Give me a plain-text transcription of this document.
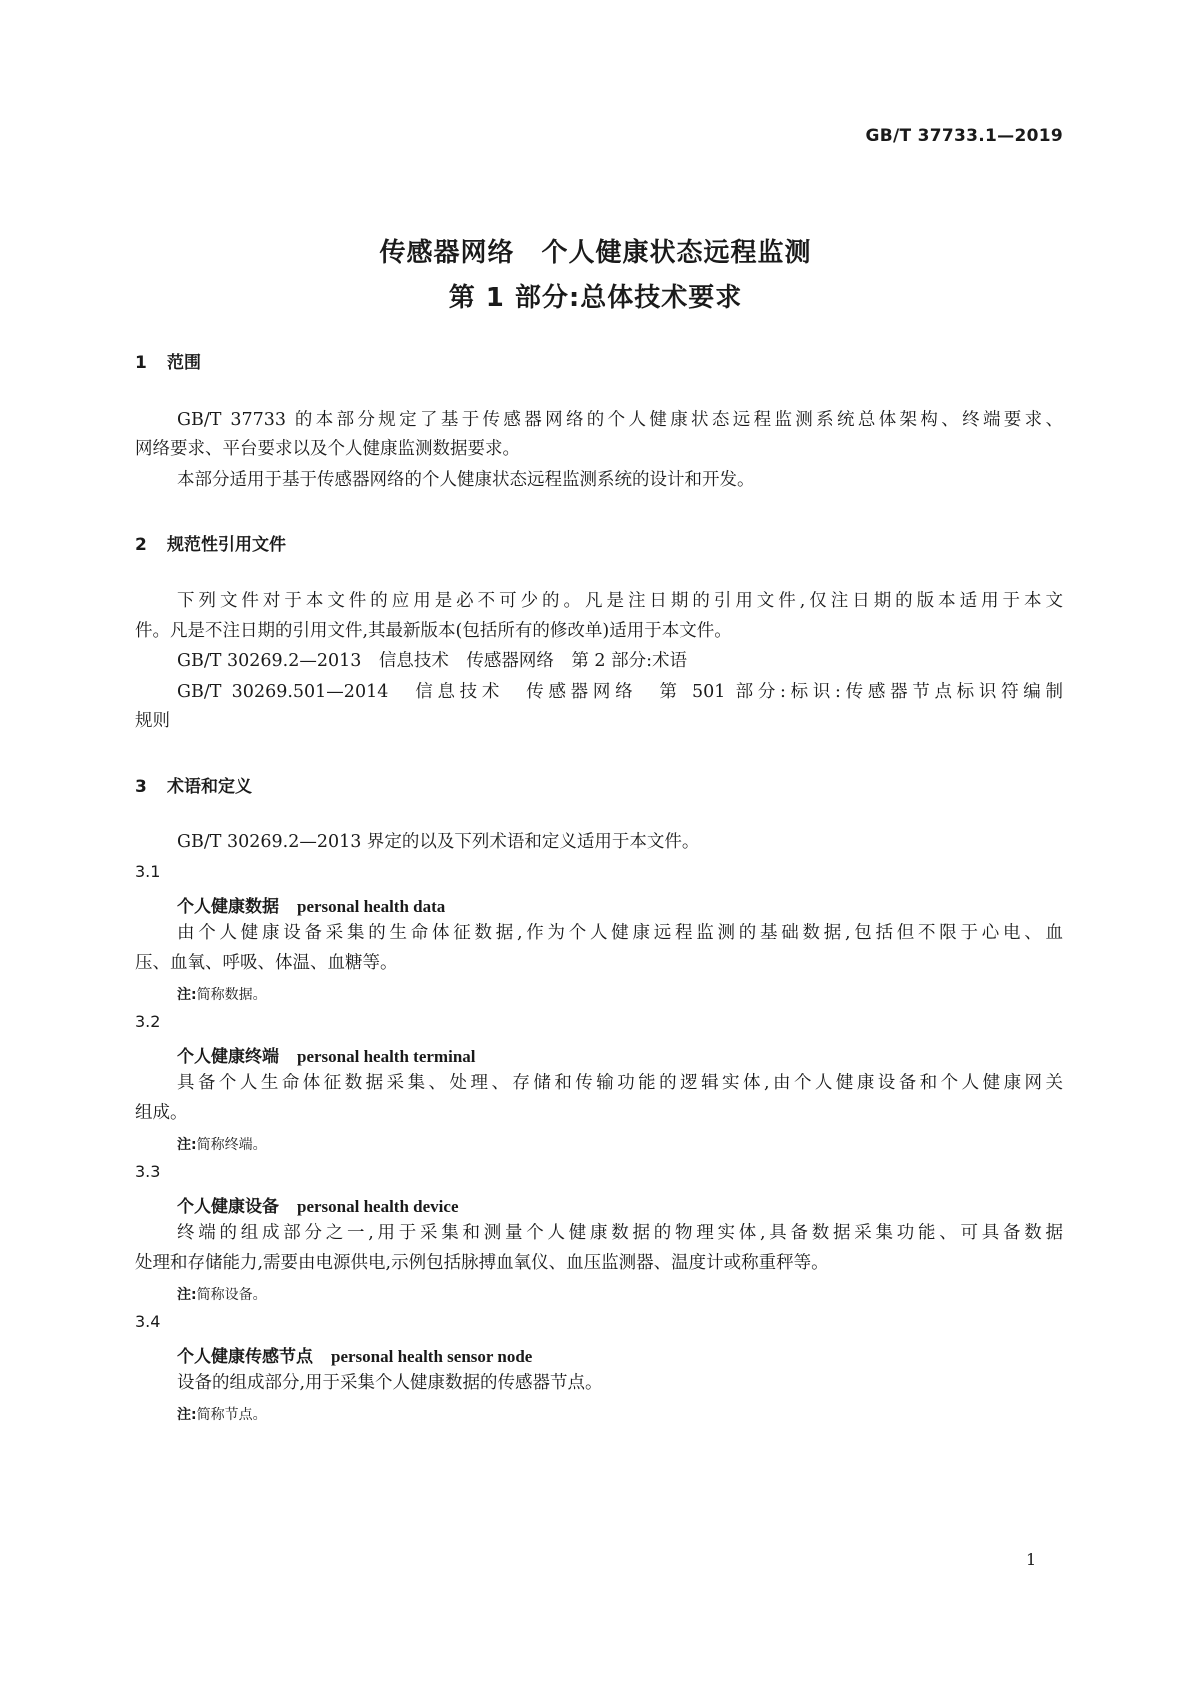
GB/T 37733.1—2019
传感器网络　个人健康状态远程监测
第 1 部分:总体技术要求
1 范围
GB/T 37733 的本部分规定了基于传感器网络的个人健康状态远程监测系统总体架构、终端要求、
网络要求、平台要求以及个人健康监测数据要求。
本部分适用于基于传感器网络的个人健康状态远程监测系统的设计和开发。
2 规范性引用文件
下列文件对于本文件的应用是必不可少的。凡是注日期的引用文件,仅注日期的版本适用于本文
件。凡是不注日期的引用文件,其最新版本(包括所有的修改单)适用于本文件。
GB/T 30269.2—2013　信息技术　传感器网络　第 2 部分:术语
GB/T 30269.501—2014　信息技术　传感器网络　第 501 部分:标识:传感器节点标识符编制
规则
3 术语和定义
GB/T 30269.2—2013 界定的以及下列术语和定义适用于本文件。
3.1
个人健康数据 personal health data
由个人健康设备采集的生命体征数据,作为个人健康远程监测的基础数据,包括但不限于心电、血
压、血氧、呼吸、体温、血糖等。
注:简称数据。
3.2
个人健康终端 personal health terminal
具备个人生命体征数据采集、处理、存储和传输功能的逻辑实体,由个人健康设备和个人健康网关
组成。
注:简称终端。
3.3
个人健康设备 personal health device
终端的组成部分之一,用于采集和测量个人健康数据的物理实体,具备数据采集功能、可具备数据
处理和存储能力,需要由电源供电,示例包括脉搏血氧仪、血压监测器、温度计或称重秤等。
注:简称设备。
3.4
个人健康传感节点 personal health sensor node
设备的组成部分,用于采集个人健康数据的传感器节点。
注:简称节点。
1
